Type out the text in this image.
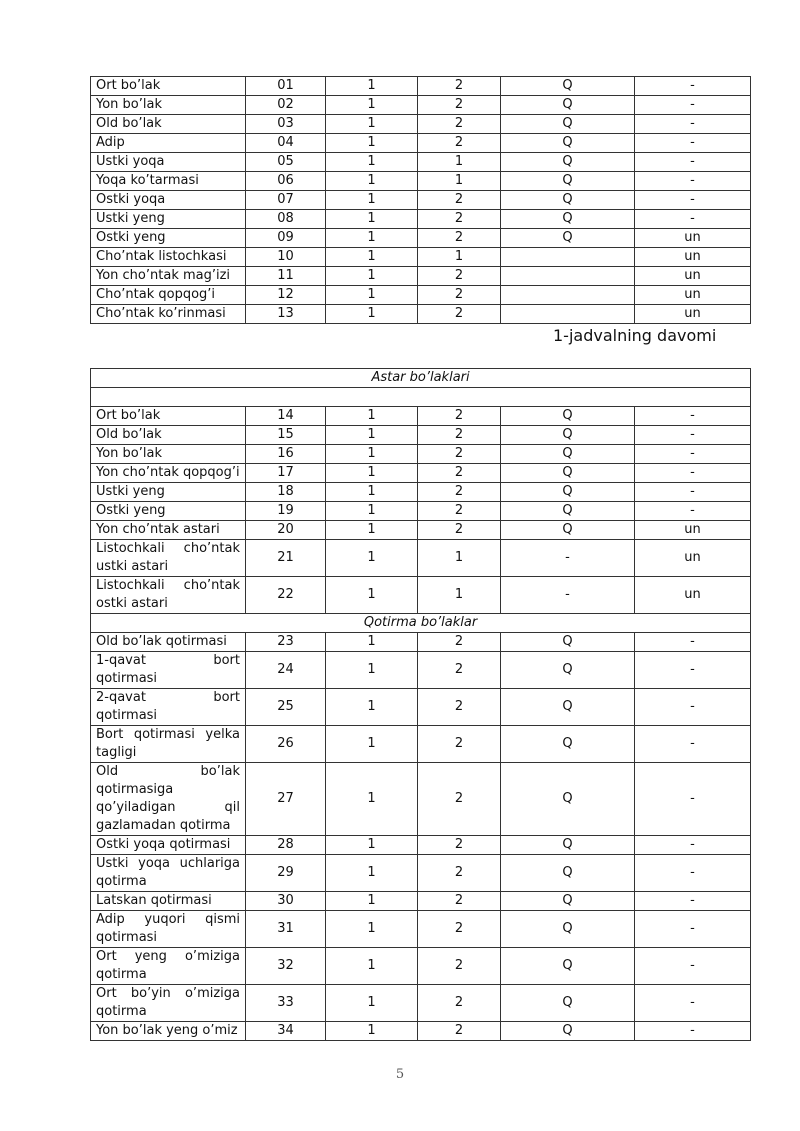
Ort bo’lak	01	1	2	Q	-
Yon bo’lak	02	1	2	Q	-
Old bo’lak	03	1	2	Q	-
Adip	04	1	2	Q	-
Ustki yoqa	05	1	1	Q	-
Yoqa ko’tarmasi	06	1	1	Q	-
Ostki yoqa	07	1	2	Q	-
Ustki yeng	08	1	2	Q	-
Ostki yeng	09	1	2	Q	un
Cho’ntak listochkasi	10	1	1		un
Yon cho’ntak mag’izi	11	1	2		un
Cho’ntak qopqog’i	12	1	2		un
Cho’ntak ko’rinmasi	13	1	2		un
1-jadvalning davomi
Astar bo’laklari					

Ort bo’lak	14	1	2	Q	-
Old bo’lak	15	1	2	Q	-
Yon bo’lak	16	1	2	Q	-
Yon cho’ntak qopqog’i	17	1	2	Q	-
Ustki yeng	18	1	2	Q	-
Ostki yeng	19	1	2	Q	-
Yon cho’ntak astari	20	1	2	Q	un
Listochkali cho’ntak ustki astari	21	1	1	-	un
Listochkali cho’ntak ostki astari	22	1	1	-	un
Qotirma bo’laklar					
Old bo’lak qotirmasi	23	1	2	Q	-
1-qavat bort qotirmasi	24	1	2	Q	-
2-qavat bort qotirmasi	25	1	2	Q	-
Bort qotirmasi yelka tagligi	26	1	2	Q	-
Old bo’lak qotirmasiga qo’yiladigan qil gazlamadan qotirma	27	1	2	Q	-
Ostki yoqa qotirmasi	28	1	2	Q	-
Ustki yoqa uchlariga qotirma	29	1	2	Q	-
Latskan qotirmasi	30	1	2	Q	-
Adip yuqori qismi qotirmasi	31	1	2	Q	-
Ort yeng o’miziga qotirma	32	1	2	Q	-
Ort bo’yin o’miziga qotirma	33	1	2	Q	-
Yon bo’lak yeng o’miz	34	1	2	Q	-
5
